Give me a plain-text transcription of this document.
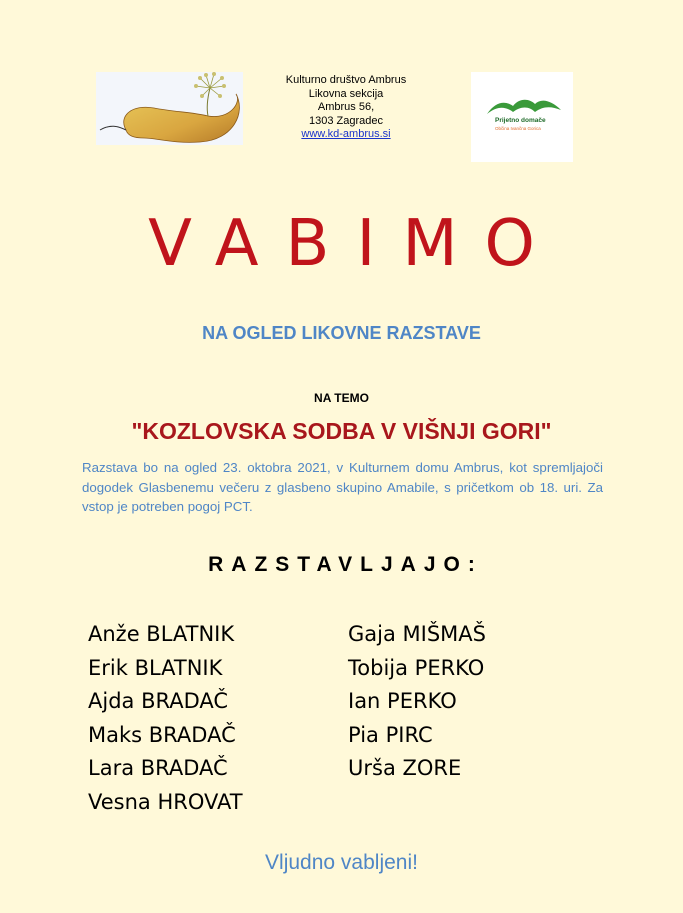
Kulturno društvo Ambrus
Likovna sekcija
Ambrus 56,
1303 Zagradec
www.kd-ambrus.si
Prijetno domače
Občina Ivančna Gorica
VABIMO
NA OGLED LIKOVNE RAZSTAVE
NA TEMO
"KOZLOVSKA SODBA V VIŠNJI GORI"
Razstava bo na ogled 23. oktobra 2021, v Kulturnem domu Ambrus, kot spremljajoči dogodek Glasbenemu večeru z glasbeno skupino Amabile, s pričetkom ob 18. uri. Za vstop je potreben pogoj PCT.
RAZSTAVLJAJO:
Anže BLATNIK
Erik BLATNIK
Ajda BRADAČ
Maks BRADAČ
Lara BRADAČ
Vesna HROVAT
Gaja MIŠMAŠ
Tobija PERKO
Ian PERKO
Pia PIRC
Urša ZORE
Vljudno vabljeni!
